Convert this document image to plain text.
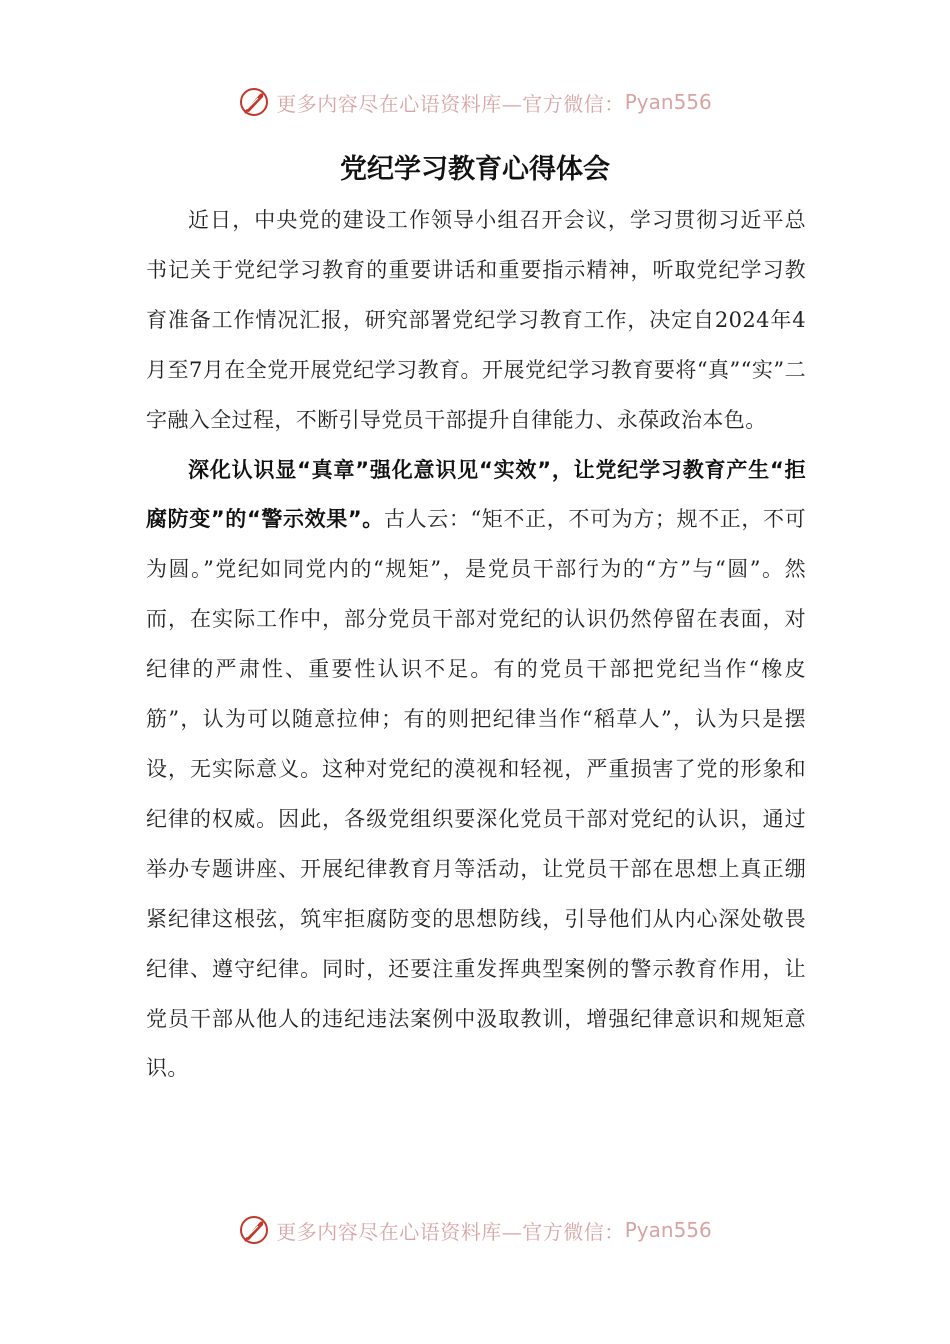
更多内容尽在心语资料库—官方微信： Pyan556
党纪学习教育心得体会

近日，中央党的建设工作领导小组召开会议，学习贯彻习近平总书记关于党纪学习教育的重要讲话和重要指示精神，听取党纪学习教育准备工作情况汇报，研究部署党纪学习教育工作，决定自2024年4月至7月在全党开展党纪学习教育。开展党纪学习教育要将“真”“实”二字融入全过程，不断引导党员干部提升自律能力、永葆政治本色。

深化认识显“真章”强化意识见“实效”，让党纪学习教育产生“拒腐防变”的“警示效果”。古人云：“矩不正，不可为方；规不正，不可为圆。”党纪如同党内的“规矩”，是党员干部行为的“方”与“圆”。然而，在实际工作中，部分党员干部对党纪的认识仍然停留在表面，对纪律的严肃性、重要性认识不足。有的党员干部把党纪当作“橡皮筋”，认为可以随意拉伸；有的则把纪律当作“稻草人”，认为只是摆设，无实际意义。这种对党纪的漠视和轻视，严重损害了党的形象和纪律的权威。因此，各级党组织要深化党员干部对党纪的认识，通过举办专题讲座、开展纪律教育月等活动，让党员干部在思想上真正绷紧纪律这根弦，筑牢拒腐防变的思想防线，引导他们从内心深处敬畏纪律、遵守纪律。同时，还要注重发挥典型案例的警示教育作用，让党员干部从他人的违纪违法案例中汲取教训，增强纪律意识和规矩意识。

更多内容尽在心语资料库—官方微信： Pyan556
